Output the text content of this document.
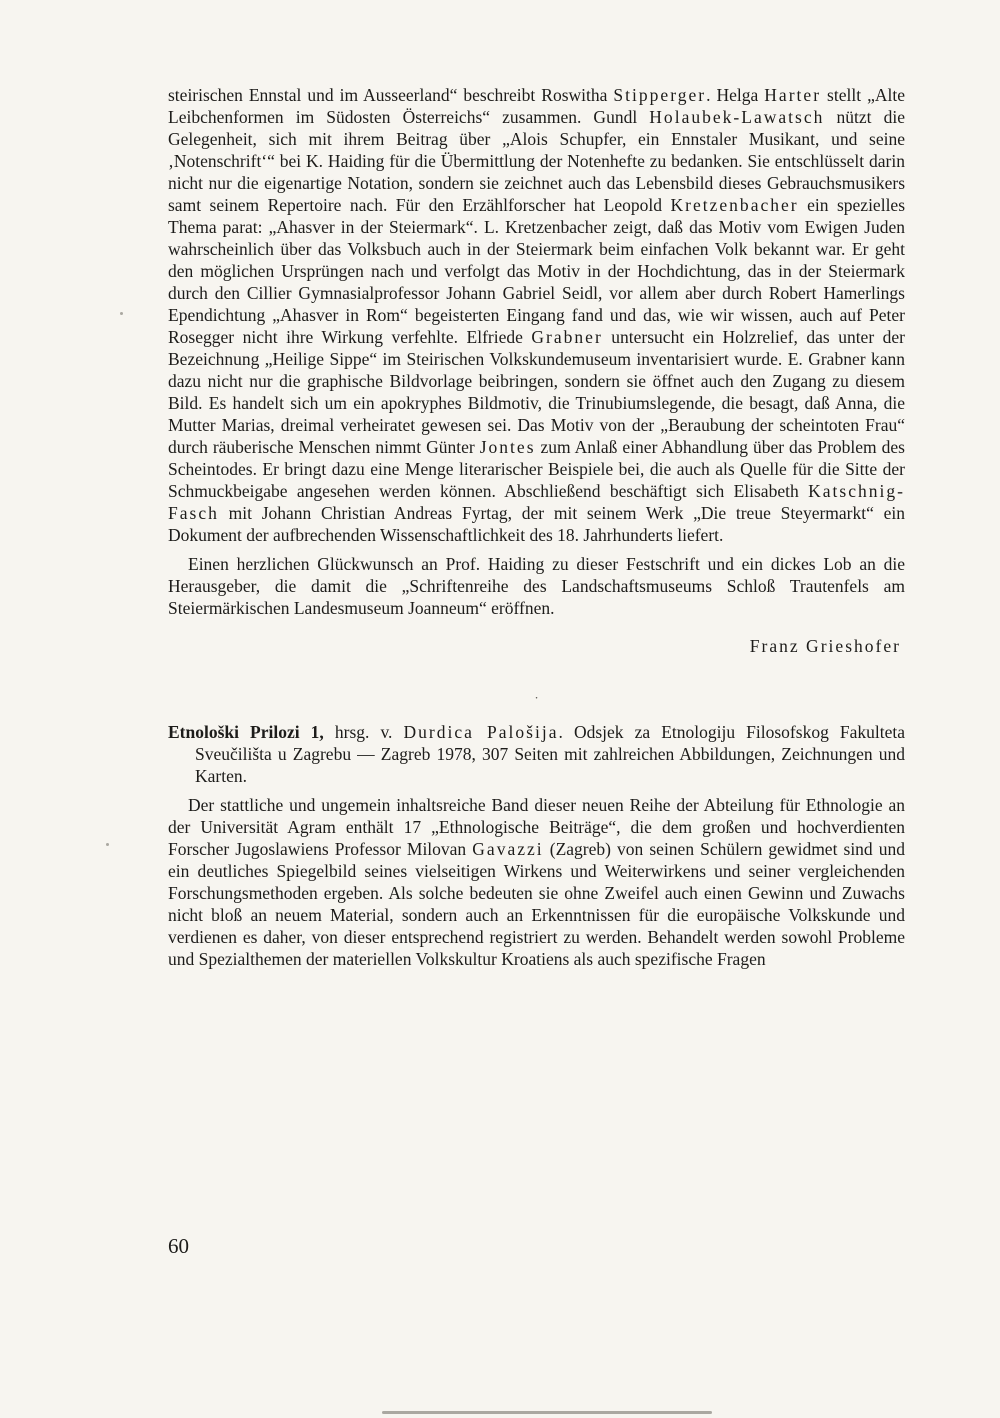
steirischen Ennstal und im Ausseerland“ beschreibt Roswitha Stipperger. Helga Harter stellt „Alte Leibchenformen im Südosten Österreichs“ zusammen. Gundl Holaubek-Lawatsch nützt die Gelegenheit, sich mit ihrem Beitrag über „Alois Schupfer, ein Ennstaler Musikant, und seine ‚Notenschrift‘“ bei K. Haiding für die Übermittlung der Notenhefte zu bedanken. Sie entschlüsselt darin nicht nur die eigenartige Notation, sondern sie zeichnet auch das Lebensbild dieses Gebrauchsmusikers samt seinem Repertoire nach. Für den Erzählforscher hat Leopold Kretzenbacher ein spezielles Thema parat: „Ahasver in der Steiermark“. L. Kretzenbacher zeigt, daß das Motiv vom Ewigen Juden wahrscheinlich über das Volksbuch auch in der Steiermark beim einfachen Volk bekannt war. Er geht den möglichen Ursprüngen nach und verfolgt das Motiv in der Hochdichtung, das in der Steiermark durch den Cillier Gymnasialprofessor Johann Gabriel Seidl, vor allem aber durch Robert Hamerlings Ependichtung „Ahasver in Rom“ begeisterten Eingang fand und das, wie wir wissen, auch auf Peter Rosegger nicht ihre Wirkung verfehlte. Elfriede Grabner untersucht ein Holzrelief, das unter der Bezeichnung „Heilige Sippe“ im Steirischen Volkskundemuseum inventarisiert wurde. E. Grabner kann dazu nicht nur die graphische Bildvorlage beibringen, sondern sie öffnet auch den Zugang zu diesem Bild. Es handelt sich um ein apokryphes Bildmotiv, die Trinubiumslegende, die besagt, daß Anna, die Mutter Marias, dreimal verheiratet gewesen sei. Das Motiv von der „Beraubung der scheintoten Frau“ durch räuberische Menschen nimmt Günter Jontes zum Anlaß einer Abhandlung über das Problem des Scheintodes. Er bringt dazu eine Menge literarischer Beispiele bei, die auch als Quelle für die Sitte der Schmuckbeigabe angesehen werden können. Abschließend beschäftigt sich Elisabeth Katschnig-Fasch mit Johann Christian Andreas Fyrtag, der mit seinem Werk „Die treue Steyermarkt“ ein Dokument der aufbrechenden Wissenschaftlichkeit des 18. Jahrhunderts liefert.

Einen herzlichen Glückwunsch an Prof. Haiding zu dieser Festschrift und ein dickes Lob an die Herausgeber, die damit die „Schriftenreihe des Landschaftsmuseums Schloß Trautenfels am Steiermärkischen Landesmuseum Joanneum“ eröffnen.

Franz Grieshofer

·

Etnološki Prilozi 1, hrsg. v. Durdica Palošija. Odsjek za Etnologiju Filosofskog Fakulteta Sveučilišta u Zagrebu — Zagreb 1978, 307 Seiten mit zahlreichen Abbildungen, Zeichnungen und Karten.

Der stattliche und ungemein inhaltsreiche Band dieser neuen Reihe der Abteilung für Ethnologie an der Universität Agram enthält 17 „Ethnologische Beiträge“, die dem großen und hochverdienten Forscher Jugoslawiens Professor Milovan Gavazzi (Zagreb) von seinen Schülern gewidmet sind und ein deutliches Spiegelbild seines vielseitigen Wirkens und Weiterwirkens und seiner vergleichenden Forschungsmethoden ergeben. Als solche bedeuten sie ohne Zweifel auch einen Gewinn und Zuwachs nicht bloß an neuem Material, sondern auch an Erkenntnissen für die europäische Volkskunde und verdienen es daher, von dieser entsprechend registriert zu werden. Behandelt werden sowohl Probleme und Spezialthemen der materiellen Volkskultur Kroatiens als auch spezifische Fragen

60
